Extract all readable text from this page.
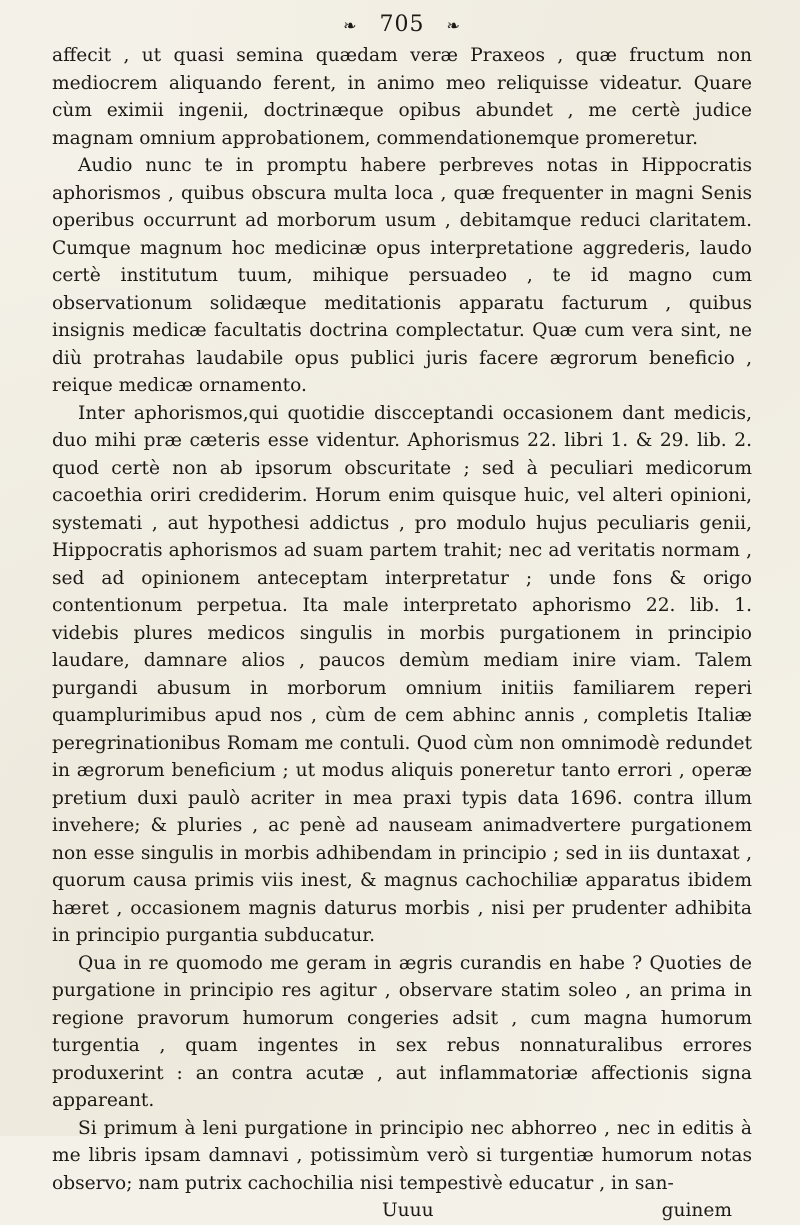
❧ 705 ❧

affecit , ut quasi semina quædam veræ Praxeos , quæ fructum non mediocrem aliquando ferent, in animo meo reliquisse videatur. Quare cùm eximii ingenii, doctrinæque opibus abundet , me certè judice magnam omnium approbationem, commendationemque promeretur.

Audio nunc te in promptu habere perbreves notas in Hippocratis aphorismos , quibus obscura multa loca , quæ frequenter in magni Senis operibus occurrunt ad morborum usum , debitamque reduci claritatem. Cumque magnum hoc medicinæ opus interpretatione aggrederis, laudo certè institutum tuum, mihique persuadeo , te id magno cum observationum solidæque meditationis apparatu facturum , quibus insignis medicæ facultatis doctrina complectatur. Quæ cum vera sint, ne diù protrahas laudabile opus publici juris facere ægrorum beneficio , reique medicæ ornamento.

Inter aphorismos,qui quotidie discceptandi occasionem dant medicis, duo mihi præ cæteris esse videntur. Aphorismus 22. libri 1. & 29. lib. 2. quod certè non ab ipsorum obscuritate ; sed à peculiari medicorum cacoethia oriri crediderim. Horum enim quisque huic, vel alteri opinioni, systemati , aut hypothesi addictus , pro modulo hujus peculiaris genii, Hippocratis aphorismos ad suam partem trahit; nec ad veritatis normam , sed ad opinionem anteceptam interpretatur ; unde fons & origo contentionum perpetua. Ita male interpretato aphorismo 22. lib. 1. videbis plures medicos singulis in morbis purgationem in principio laudare, damnare alios , paucos demùm mediam inire viam. Talem purgandi abusum in morborum omnium initiis familiarem reperi quamplurimibus apud nos , cùm de cem abhinc annis , completis Italiæ peregrinationibus Romam me contuli. Quod cùm non omnimodè redundet in ægrorum beneficium ; ut modus aliquis poneretur tanto errori , operæ pretium duxi paulò acriter in mea praxi typis data 1696. contra illum invehere; & pluries , ac penè ad nauseam animadvertere purgationem non esse singulis in morbis adhibendam in principio ; sed in iis duntaxat , quorum causa primis viis inest, & magnus cachochiliæ apparatus ibidem hæret , occasionem magnis daturus morbis , nisi per prudenter adhibita in principio purgantia subducatur.

Qua in re quomodo me geram in ægris curandis en habe ? Quoties de purgatione in principio res agitur , observare statim soleo , an prima in regione pravorum humorum congeries adsit , cum magna humorum turgentia , quam ingentes in sex rebus nonnaturalibus errores produxerint : an contra acutæ , aut inflammatoriæ affectionis signa appareant.

Si primum à leni purgatione in principio nec abhorreo , nec in editis à me libris ipsam damnavi , potissimùm verò si turgentiæ humorum notas observo; nam putrix cachochilia nisi tempestivè educatur , in san-

Uuuu	guinem
